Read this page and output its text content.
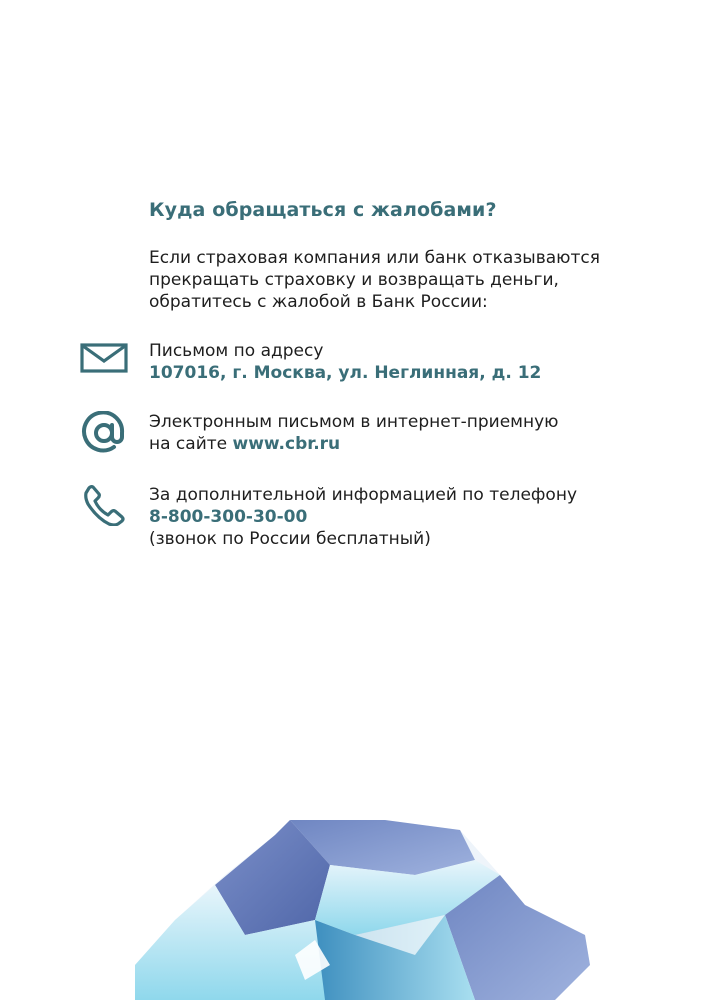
Куда обращаться с жалобами?
Если страховая компания или банк отказываются
прекращать страховку и возвращать деньги,
обратитесь с жалобой в Банк России:
Письмом по адресу
107016, г. Москва, ул. Неглинная, д. 12
Электронным письмом в интернет-приемную
на сайте www.cbr.ru
За дополнительной информацией по телефону
8-800-300-30-00
(звонок по России бесплатный)
